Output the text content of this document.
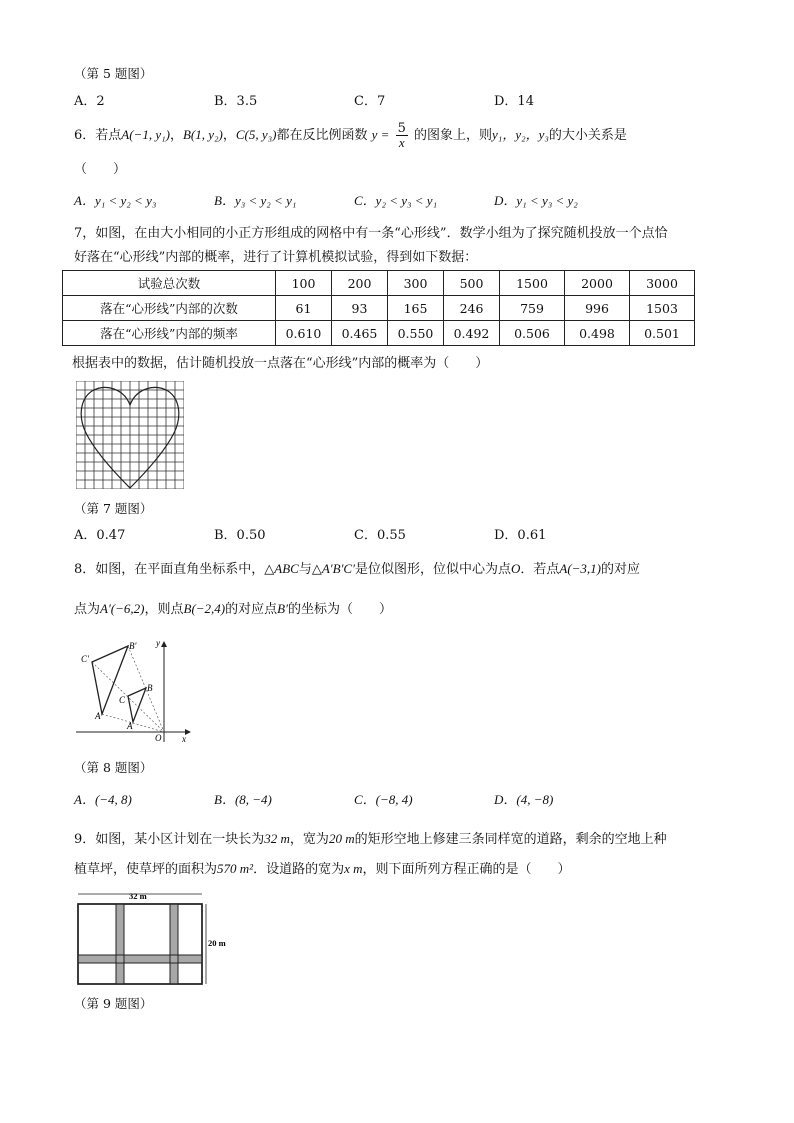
（第 5 题图）
A．2	B．3.5	C．7	D．14
6．若点A(−1, y₁)，B(1, y₂)，C(5, y₃)都在反比例函数 $y = \frac{5}{x}$ 的图象上，则y₁，y₂，y₃的大小关系是
（　　）
A．y₁ < y₂ < y₃	B．y₃ < y₂ < y₁	C．y₂ < y₃ < y₁	D．y₁ < y₃ < y₂
7，如图，在由大小相同的小正方形组成的网格中有一条“心形线”．数学小组为了探究随机投放一个点恰
好落在“心形线”内部的概率，进行了计算机模拟试验，得到如下数据：
试验总次数	100	200	300	500	1500	2000	3000
落在“心形线”内部的次数	61	93	165	246	759	996	1503
落在“心形线”内部的频率	0.610	0.465	0.550	0.492	0.506	0.498	0.501
根据表中的数据，估计随机投放一点落在“心形线”内部的概率为（　　）
（第 7 题图）
A．0.47	B．0.50	C．0.55	D．0.61
8．如图，在平面直角坐标系中，△ABC与△A′B′C′是位似图形，位似中心为点O．若点A(−3,1)的对应
点为A′(−6,2)，则点B(−2,4)的对应点B′的坐标为（　　）
C′
B′
B
C
A′
A
O x
y
（第 8 题图）
A．(−4, 8)	B．(8, −4)	C．(−8, 4)	D．(4, −8)
9．如图，某小区计划在一块长为32 m，宽为20 m的矩形空地上修建三条同样宽的道路，剩余的空地上种
植草坪，使草坪的面积为570 m²．设道路的宽为x m，则下面所列方程正确的是（　　）
32 m
20 m
（第 9 题图）
